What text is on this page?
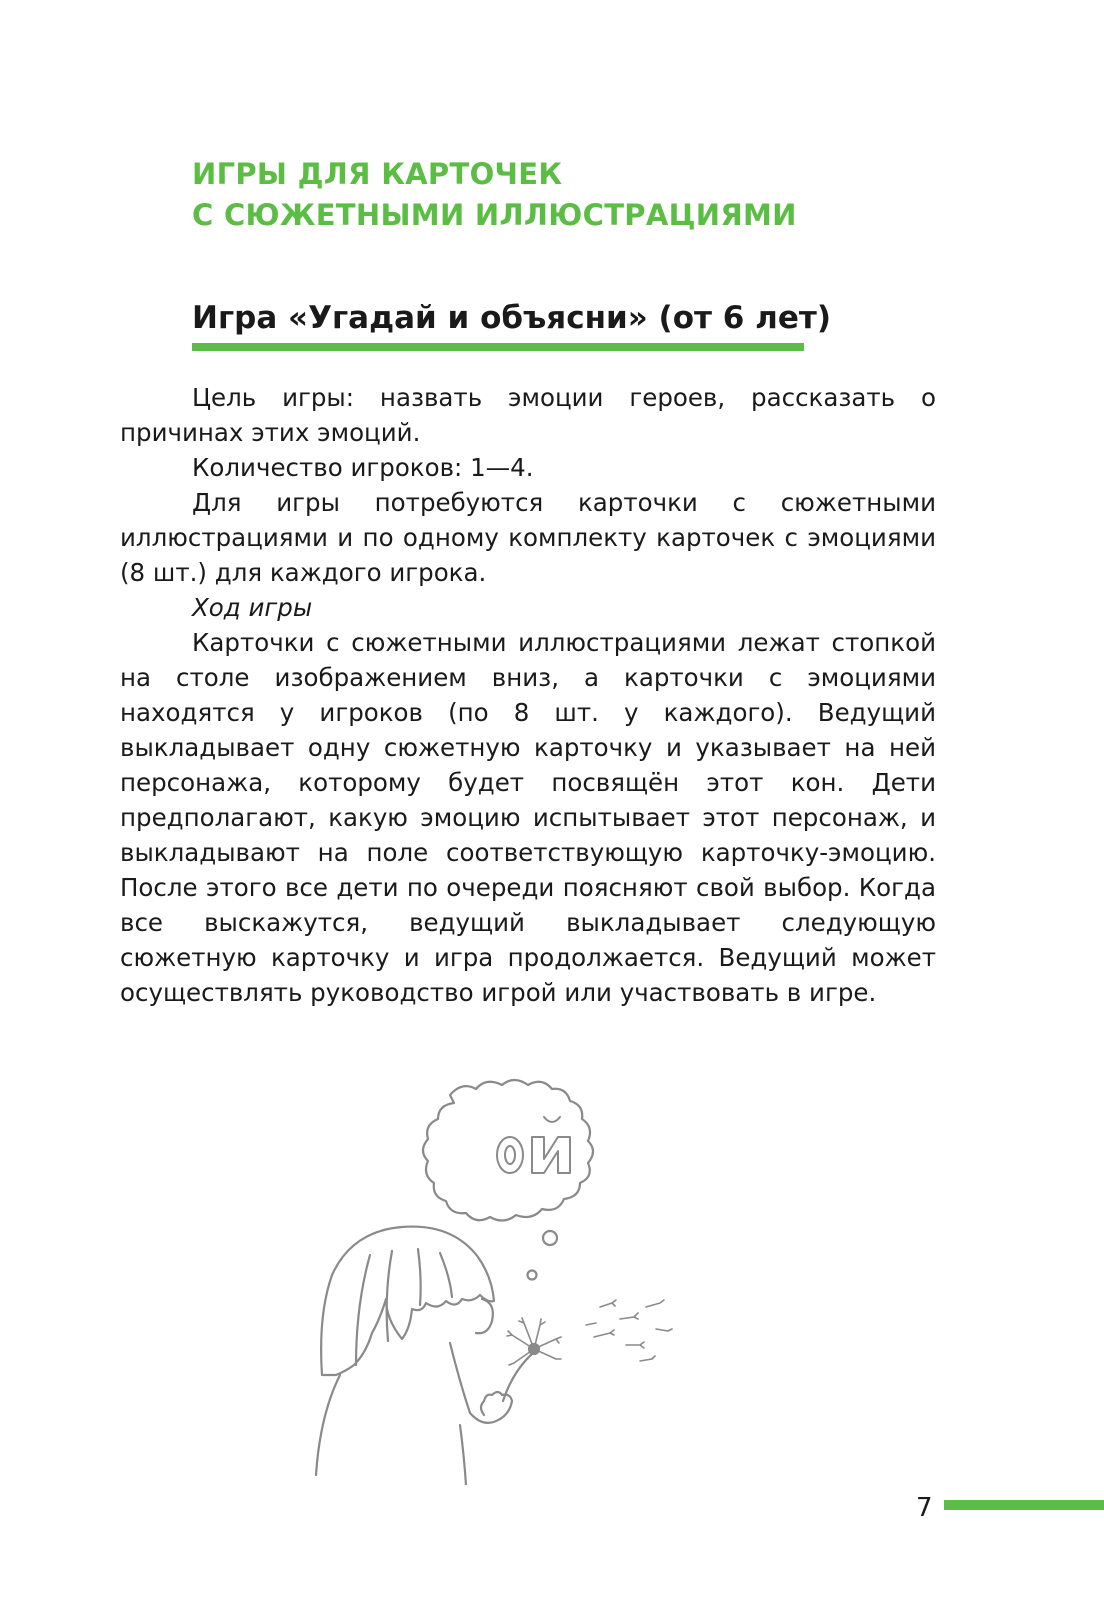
ИГРЫ ДЛЯ КАРТОЧЕК
С СЮЖЕТНЫМИ ИЛЛЮСТРАЦИЯМИ
Игра «Угадай и объясни» (от 6 лет)

Цель игры: назвать эмоции героев, рассказать о причинах этих эмоций.

Количество игроков: 1—4.

Для игры потребуются карточки с сюжетными иллюстрациями и по одному комплекту карточек с эмоциями (8 шт.) для каждого игрока.

Ход игры

Карточки с сюжетными иллюстрациями лежат стопкой на столе изображением вниз, а карточки с эмоциями находятся у игроков (по 8 шт. у каждого). Ведущий выкладывает одну сюжетную карточку и указывает на ней персонажа, которому будет посвящён этот кон. Дети предполагают, какую эмоцию испытывает этот персонаж, и выкладывают на поле соответствующую карточку-эмоцию. После этого все дети по очереди поясняют свой выбор. Когда все выскажутся, ведущий выкладывает следующую сюжетную карточку и игра продолжается. Ведущий может осуществлять руководство игрой или участвовать в игре.

ОЙ
7
